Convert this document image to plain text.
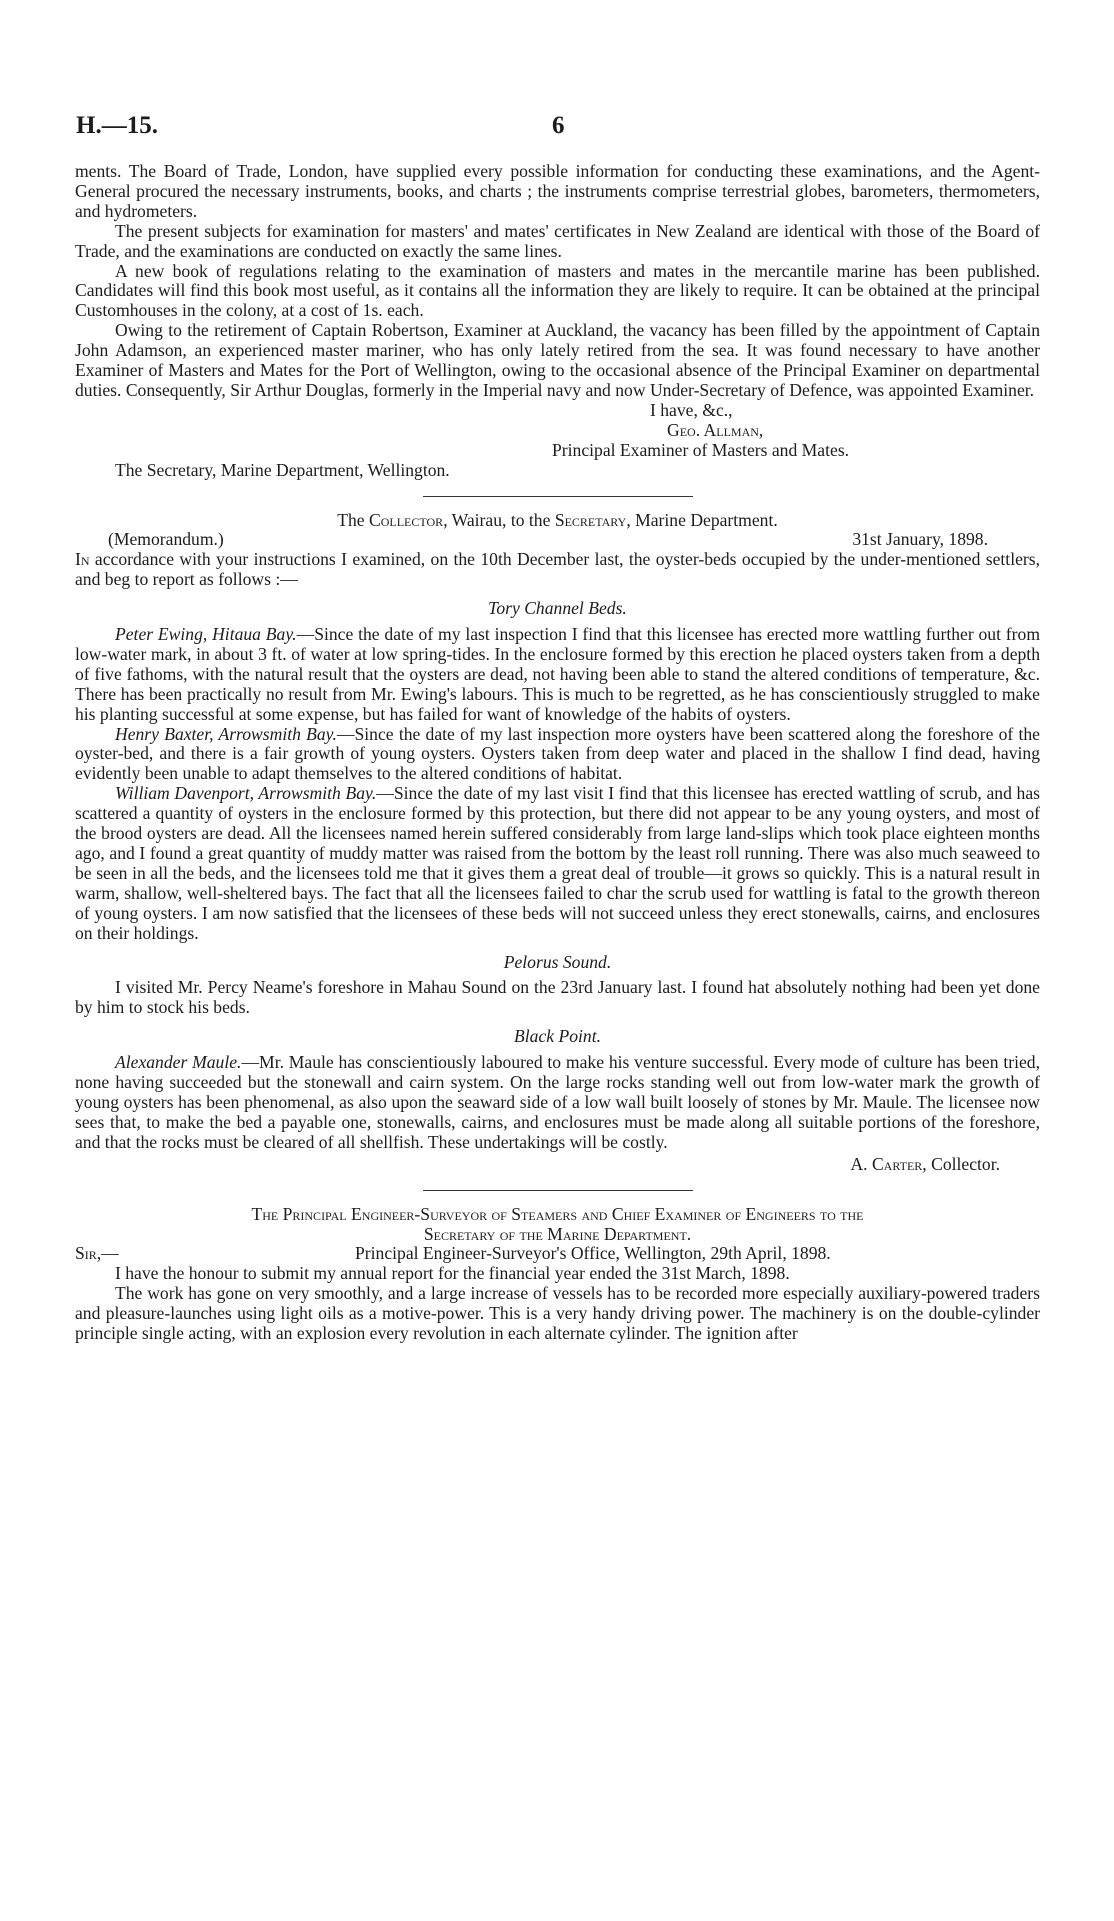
H.—15.	6

ments. The Board of Trade, London, have supplied every possible information for conducting these examinations, and the Agent-General procured the necessary instruments, books, and charts ; the instruments comprise terrestrial globes, barometers, thermometers, and hydrometers.

The present subjects for examination for masters' and mates' certificates in New Zealand are identical with those of the Board of Trade, and the examinations are conducted on exactly the same lines.

A new book of regulations relating to the examination of masters and mates in the mercantile marine has been published. Candidates will find this book most useful, as it contains all the information they are likely to require. It can be obtained at the principal Customhouses in the colony, at a cost of 1s. each.

Owing to the retirement of Captain Robertson, Examiner at Auckland, the vacancy has been filled by the appointment of Captain John Adamson, an experienced master mariner, who has only lately retired from the sea. It was found necessary to have another Examiner of Masters and Mates for the Port of Wellington, owing to the occasional absence of the Principal Examiner on departmental duties. Consequently, Sir Arthur Douglas, formerly in the Imperial navy and now Under-Secretary of Defence, was appointed Examiner.

I have, &c.,

Geo. Allman,

Principal Examiner of Masters and Mates.

The Secretary, Marine Department, Wellington.

The Collector, Wairau, to the Secretary, Marine Department.

(Memorandum.)	31st January, 1898.

In accordance with your instructions I examined, on the 10th December last, the oyster-beds occupied by the under-mentioned settlers, and beg to report as follows :—

Tory Channel Beds.

Peter Ewing, Hitaua Bay.—Since the date of my last inspection I find that this licensee has erected more wattling further out from low-water mark, in about 3 ft. of water at low spring-tides. In the enclosure formed by this erection he placed oysters taken from a depth of five fathoms, with the natural result that the oysters are dead, not having been able to stand the altered conditions of temperature, &c. There has been practically no result from Mr. Ewing's labours. This is much to be regretted, as he has conscientiously struggled to make his planting successful at some expense, but has failed for want of knowledge of the habits of oysters.

Henry Baxter, Arrowsmith Bay.—Since the date of my last inspection more oysters have been scattered along the foreshore of the oyster-bed, and there is a fair growth of young oysters. Oysters taken from deep water and placed in the shallow I find dead, having evidently been unable to adapt themselves to the altered conditions of habitat.

William Davenport, Arrowsmith Bay.—Since the date of my last visit I find that this licensee has erected wattling of scrub, and has scattered a quantity of oysters in the enclosure formed by this protection, but there did not appear to be any young oysters, and most of the brood oysters are dead. All the licensees named herein suffered considerably from large land-slips which took place eighteen months ago, and I found a great quantity of muddy matter was raised from the bottom by the least roll running. There was also much seaweed to be seen in all the beds, and the licensees told me that it gives them a great deal of trouble—it grows so quickly. This is a natural result in warm, shallow, well-sheltered bays. The fact that all the licensees failed to char the scrub used for wattling is fatal to the growth thereon of young oysters. I am now satisfied that the licensees of these beds will not succeed unless they erect stonewalls, cairns, and enclosures on their holdings.

Pelorus Sound.

I visited Mr. Percy Neame's foreshore in Mahau Sound on the 23rd January last. I found hat absolutely nothing had been yet done by him to stock his beds.

Black Point.

Alexander Maule.—Mr. Maule has conscientiously laboured to make his venture successful. Every mode of culture has been tried, none having succeeded but the stonewall and cairn system. On the large rocks standing well out from low-water mark the growth of young oysters has been phenomenal, as also upon the seaward side of a low wall built loosely of stones by Mr. Maule. The licensee now sees that, to make the bed a payable one, stonewalls, cairns, and enclosures must be made along all suitable portions of the foreshore, and that the rocks must be cleared of all shellfish. These undertakings will be costly.

A. Carter, Collector.

The Principal Engineer-Surveyor of Steamers and Chief Examiner of Engineers to the

Secretary of the Marine Department.

Sir,—	Principal Engineer-Surveyor's Office, Wellington, 29th April, 1898.

I have the honour to submit my annual report for the financial year ended the 31st March, 1898.

The work has gone on very smoothly, and a large increase of vessels has to be recorded more especially auxiliary-powered traders and pleasure-launches using light oils as a motive-power. This is a very handy driving power. The machinery is on the double-cylinder principle single acting, with an explosion every revolution in each alternate cylinder. The ignition after
